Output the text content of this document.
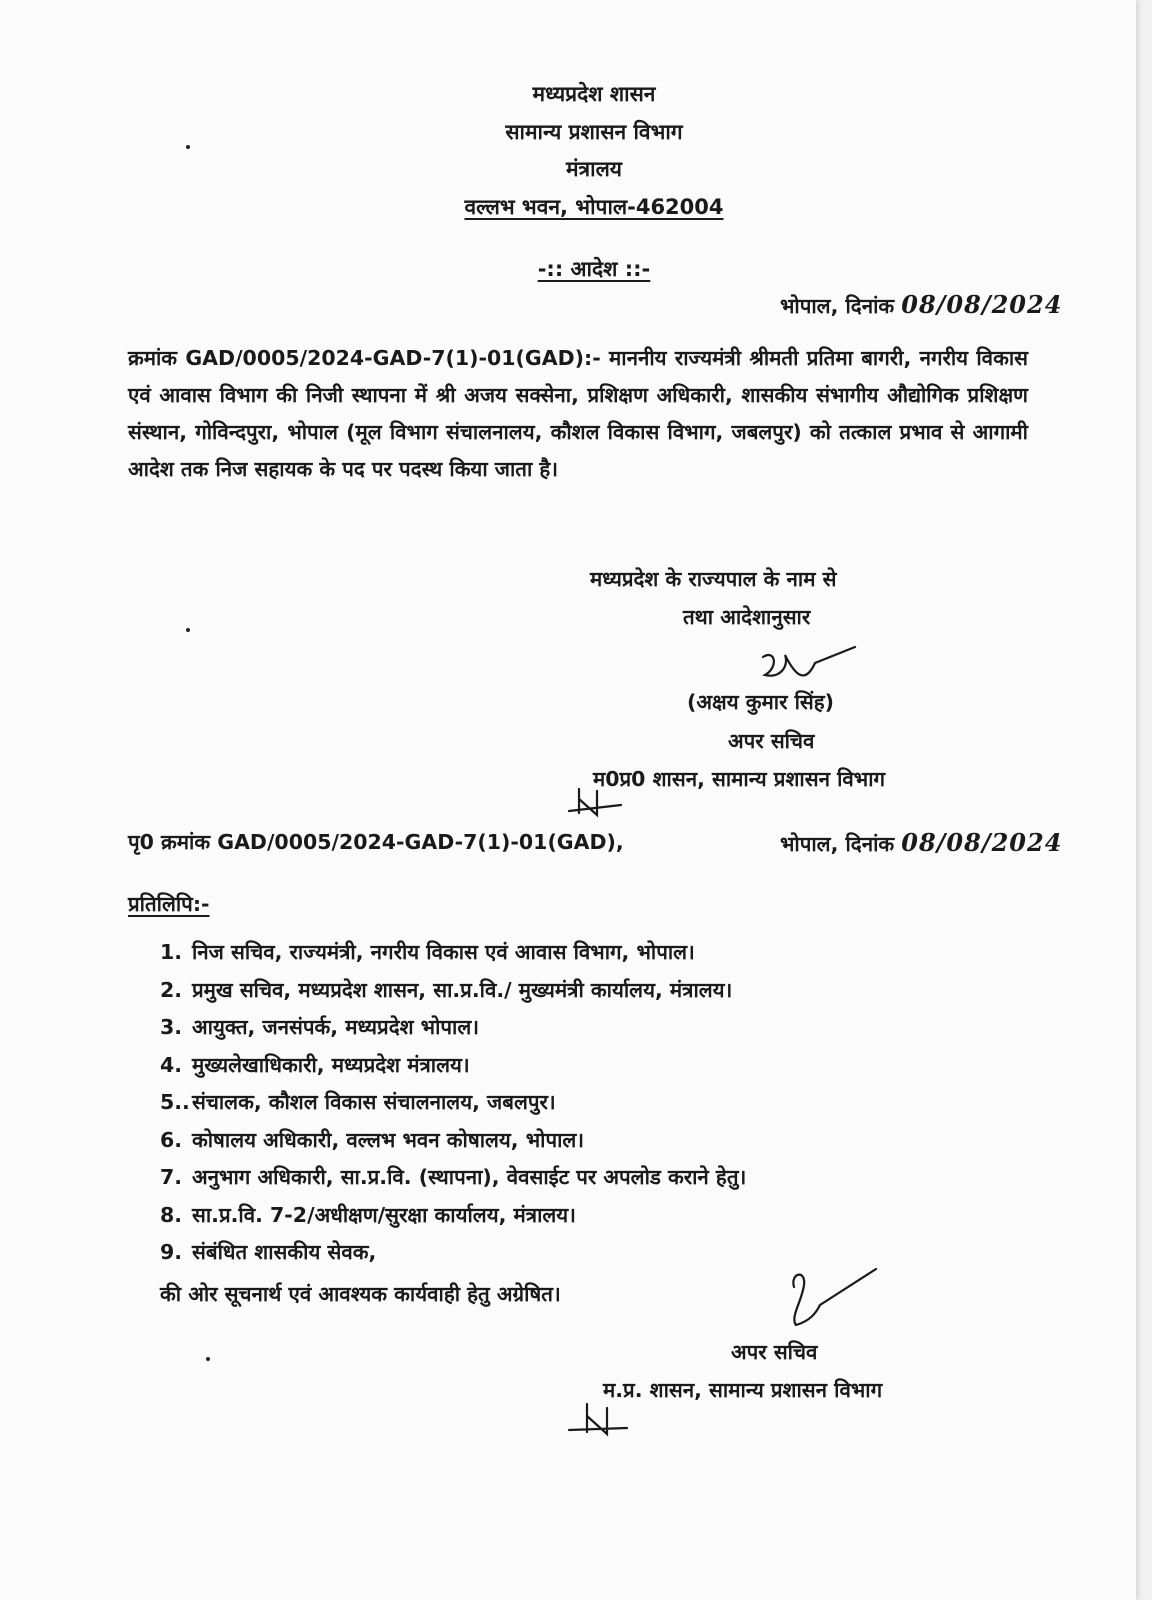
मध्यप्रदेश शासन
सामान्य प्रशासन विभाग
मंत्रालय
वल्लभ भवन, भोपाल-462004
-:: आदेश ::-
भोपाल, दिनांक 08/08/2024
क्रमांक GAD/0005/2024-GAD-7(1)-01(GAD):- माननीय राज्यमंत्री श्रीमती प्रतिमा बागरी, नगरीय विकास एवं आवास विभाग की निजी स्थापना में श्री अजय सक्सेना, प्रशिक्षण अधिकारी, शासकीय संभागीय औद्योगिक प्रशिक्षण संस्थान, गोविन्दपुरा, भोपाल (मूल विभाग संचालनालय, कौशल विकास विभाग, जबलपुर) को तत्काल प्रभाव से आगामी आदेश तक निज सहायक के पद पर पदस्थ किया जाता है।
मध्यप्रदेश के राज्यपाल के नाम से
तथा आदेशानुसार
(अक्षय कुमार सिंह)
अपर सचिव
म0प्र0 शासन, सामान्य प्रशासन विभाग
पृ0 क्रमांक GAD/0005/2024-GAD-7(1)-01(GAD),	भोपाल, दिनांक 08/08/2024
प्रतिलिपि:-
1. निज सचिव, राज्यमंत्री, नगरीय विकास एवं आवास विभाग, भोपाल।
2. प्रमुख सचिव, मध्यप्रदेश शासन, सा.प्र.वि./ मुख्यमंत्री कार्यालय, मंत्रालय।
3. आयुक्त, जनसंपर्क, मध्यप्रदेश भोपाल।
4. मुख्यलेखाधिकारी, मध्यप्रदेश मंत्रालय।
5.. संचालक, कौशल विकास संचालनालय, जबलपुर।
6. कोषालय अधिकारी, वल्लभ भवन कोषालय, भोपाल।
7. अनुभाग अधिकारी, सा.प्र.वि. (स्थापना), वेवसाईट पर अपलोड कराने हेतु।
8. सा.प्र.वि. 7-2/अधीक्षण/सुरक्षा कार्यालय, मंत्रालय।
9. संबंधित शासकीय सेवक,
की ओर सूचनार्थ एवं आवश्यक कार्यवाही हेतु अग्रेषित।
अपर सचिव
म.प्र. शासन, सामान्य प्रशासन विभाग
